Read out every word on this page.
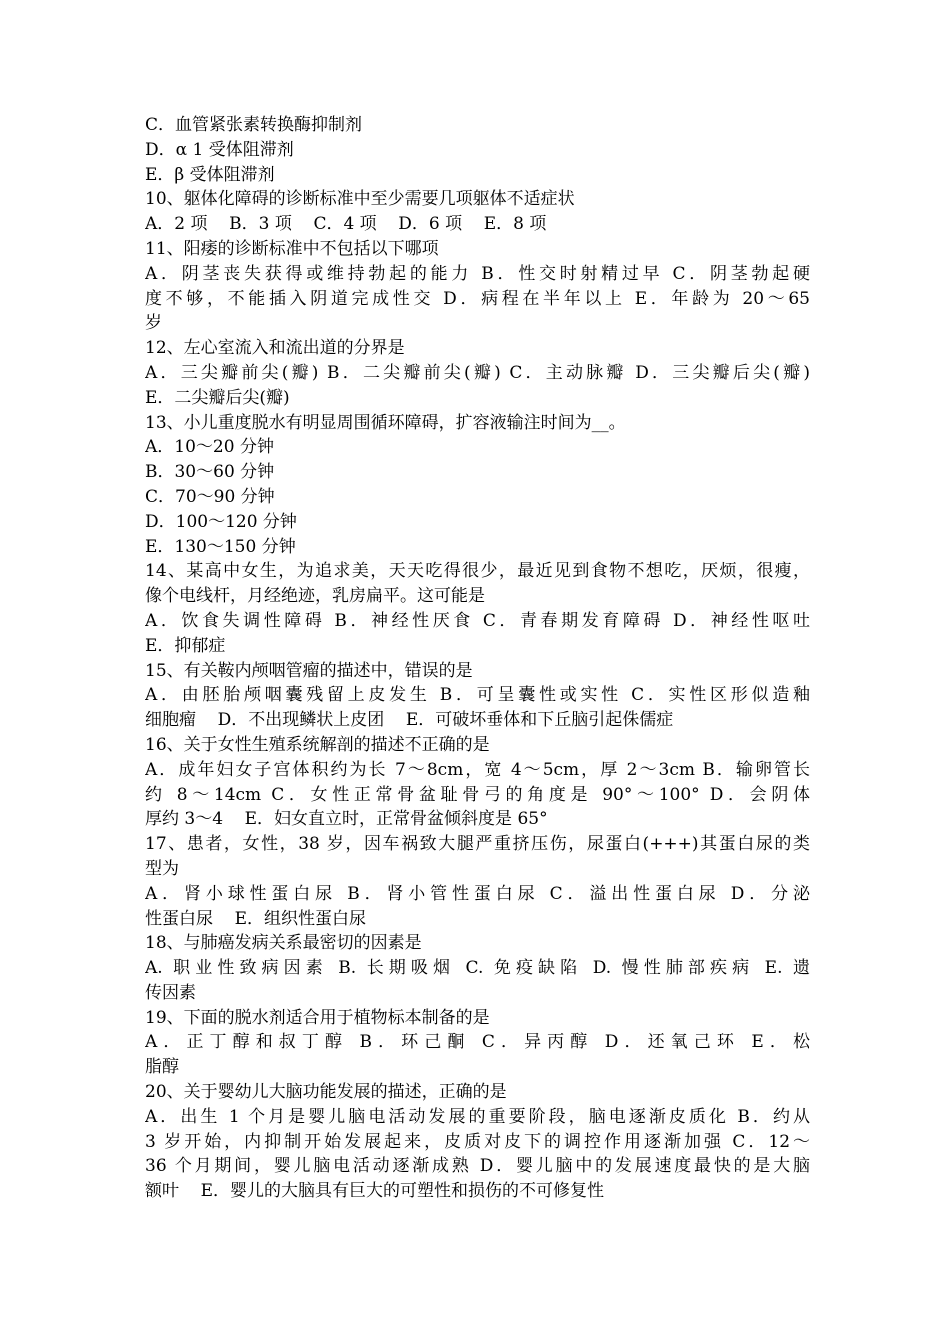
C．血管紧张素转换酶抑制剂
D．α 1 受体阻滞剂
E．β 受体阻滞剂
10、躯体化障碍的诊断标准中至少需要几项躯体不适症状
A．2 项    B．3 项    C．4 项    D．6 项    E．8 项
11、阳痿的诊断标准中不包括以下哪项
A．阴茎丧失获得或维持勃起的能力 B．性交时射精过早 C．阴茎勃起硬
度不够，不能插入阴道完成性交 D．病程在半年以上 E．年龄为 20～65
岁
12、左心室流入和流出道的分界是
A．三尖瓣前尖(瓣) B．二尖瓣前尖(瓣) C．主动脉瓣 D．三尖瓣后尖(瓣)
E．二尖瓣后尖(瓣)
13、小儿重度脱水有明显周围循环障碍，扩容液输注时间为__。
A．10～20 分钟
B．30～60 分钟
C．70～90 分钟
D．100～120 分钟
E．130～150 分钟
14、某高中女生，为追求美，天天吃得很少，最近见到食物不想吃，厌烦，很瘦，
像个电线杆，月经绝迹，乳房扁平。这可能是
A．饮食失调性障碍 B．神经性厌食 C．青春期发育障碍 D．神经性呕吐
E．抑郁症
15、有关鞍内颅咽管瘤的描述中，错误的是
A．由胚胎颅咽囊残留上皮发生 B．可呈囊性或实性 C．实性区形似造釉
细胞瘤    D．不出现鳞状上皮团    E．可破坏垂体和下丘脑引起侏儒症
16、关于女性生殖系统解剖的描述不正确的是
A．成年妇女子宫体积约为长 7～8cm，宽 4～5cm，厚 2～3cm B．输卵管长
约 8～14cm C．女性正常骨盆耻骨弓的角度是 90°～100° D．会阴体
厚约 3～4    E．妇女直立时，正常骨盆倾斜度是 65°
17、患者，女性，38 岁，因车祸致大腿严重挤压伤，尿蛋白(+++)其蛋白尿的类
型为
A．肾小球性蛋白尿 B．肾小管性蛋白尿 C．溢出性蛋白尿 D．分泌
性蛋白尿    E．组织性蛋白尿
18、与肺癌发病关系最密切的因素是
A. 职业性致病因素 B. 长期吸烟 C. 免疫缺陷 D. 慢性肺部疾病 E. 遗
传因素
19、下面的脱水剂适合用于植物标本制备的是
A．正丁醇和叔丁醇 B．环己酮 C．异丙醇 D．还氧己环 E．松
脂醇
20、关于婴幼儿大脑功能发展的描述，正确的是
A．出生 1 个月是婴儿脑电活动发展的重要阶段，脑电逐渐皮质化 B．约从
3 岁开始，内抑制开始发展起来，皮质对皮下的调控作用逐渐加强 C．12～
36 个月期间，婴儿脑电活动逐渐成熟 D．婴儿脑中的发展速度最快的是大脑
额叶    E．婴儿的大脑具有巨大的可塑性和损伤的不可修复性
